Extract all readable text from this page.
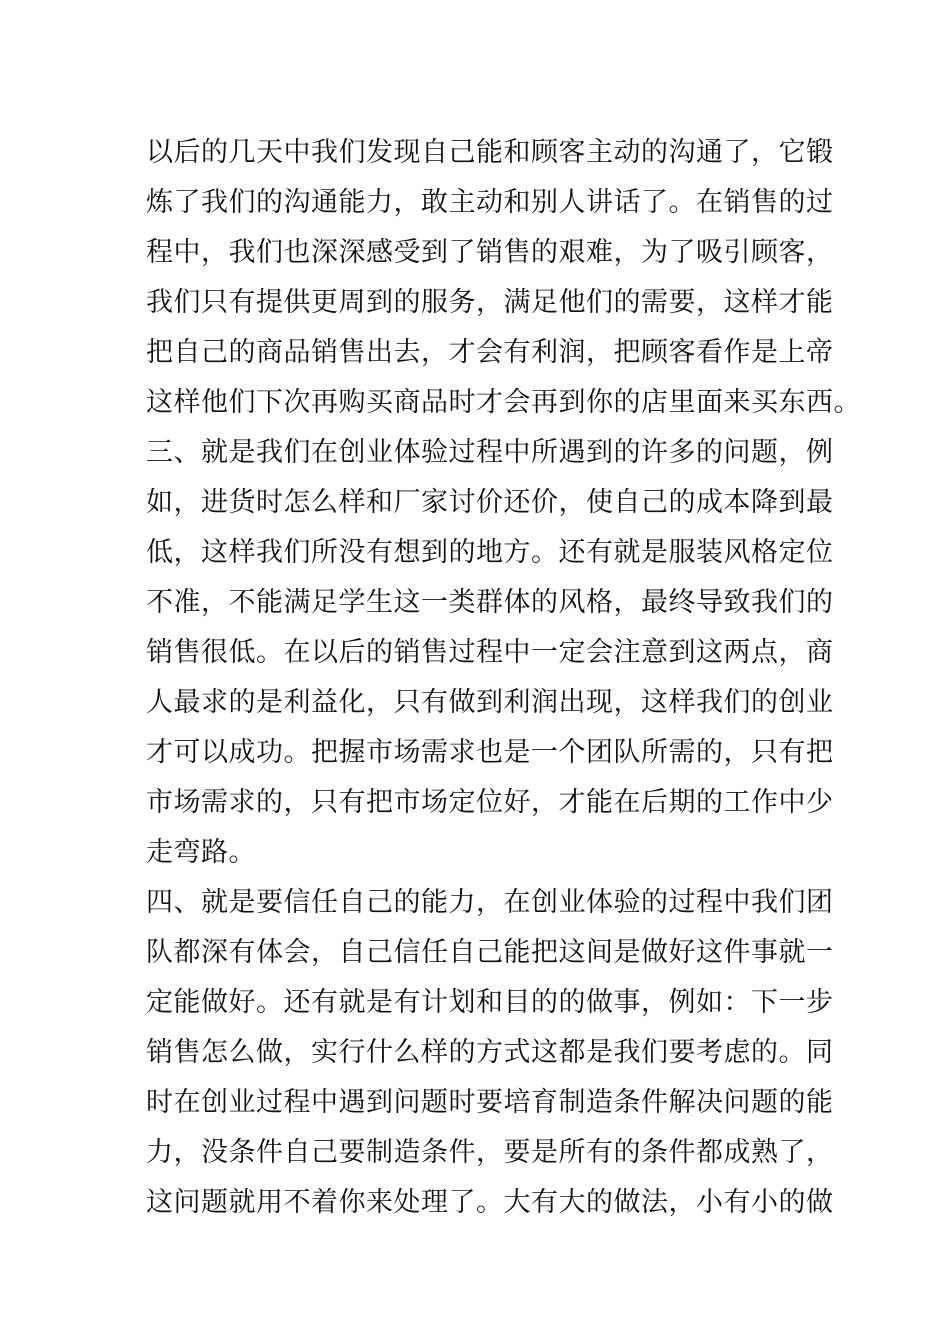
以后的几天中我们发现自己能和顾客主动的沟通了，它锻
炼了我们的沟通能力，敢主动和别人讲话了。在销售的过
程中，我们也深深感受到了销售的艰难，为了吸引顾客，
我们只有提供更周到的服务，满足他们的需要，这样才能
把自己的商品销售出去，才会有利润，把顾客看作是上帝
这样他们下次再购买商品时才会再到你的店里面来买东西。
三、就是我们在创业体验过程中所遇到的许多的问题，例
如，进货时怎么样和厂家讨价还价，使自己的成本降到最
低，这样我们所没有想到的地方。还有就是服装风格定位
不准，不能满足学生这一类群体的风格，最终导致我们的
销售很低。在以后的销售过程中一定会注意到这两点，商
人最求的是利益化，只有做到利润出现，这样我们的创业
才可以成功。把握市场需求也是一个团队所需的，只有把
市场需求的，只有把市场定位好，才能在后期的工作中少
走弯路。
四、就是要信任自己的能力，在创业体验的过程中我们团
队都深有体会，自己信任自己能把这间是做好这件事就一
定能做好。还有就是有计划和目的的做事，例如：下一步
销售怎么做，实行什么样的方式这都是我们要考虑的。同
时在创业过程中遇到问题时要培育制造条件解决问题的能
力，没条件自己要制造条件，要是所有的条件都成熟了，
这问题就用不着你来处理了。大有大的做法，小有小的做
